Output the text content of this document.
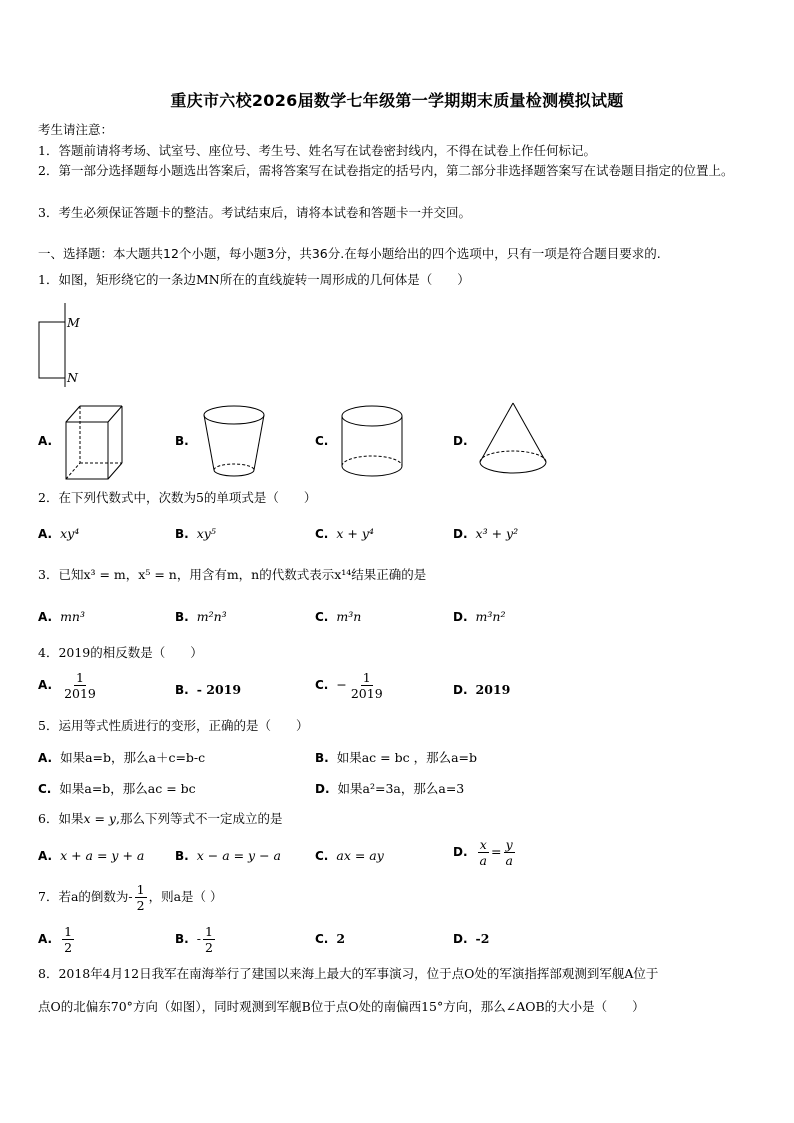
重庆市六校2026届数学七年级第一学期期末质量检测模拟试题
考生请注意：
1．答题前请将考场、试室号、座位号、考生号、姓名写在试卷密封线内，不得在试卷上作任何标记。
2．第一部分选择题每小题选出答案后，需将答案写在试卷指定的括号内，第二部分非选择题答案写在试卷题目指定的位置上。
3．考生必须保证答题卡的整洁。考试结束后，请将本试卷和答题卡一并交回。
一、选择题：本大题共12个小题，每小题3分，共36分.在每小题给出的四个选项中，只有一项是符合题目要求的.
1．如图，矩形绕它的一条边MN所在的直线旋转一周形成的几何体是（　　）
M
N
A.	B.	C.	D.
2．在下列代数式中，次数为5的单项式是（　　）
A. xy⁴	B. xy⁵	C. x + y⁴	D. x³ + y²
3．已知x³ = m，x⁵ = n，用含有m，n的代数式表示x¹⁴结果正确的是
A. mn³	B. m²n³	C. m³n	D. m³n²
4．2019的相反数是（　　）
A. $\frac{1}{2019}$	B. - 2019	C. − $\frac{1}{2019}$	D. 2019
5．运用等式性质进行的变形，正确的是（　　）
A. 如果a=b，那么a＋c=b-c	B. 如果ac = bc ，那么a=b
C. 如果a=b，那么ac = bc	D. 如果a²=3a，那么a=3
6．如果x = y,那么下列等式不一定成立的是
A. x + a = y + a	B. x − a = y − a	C. ax = ay	D. $\frac{x}{a} = \frac{y}{a}$
7．若a的倒数为- $\frac{1}{2}$ ，则a是（ ）
A. $\frac{1}{2}$	B. - $\frac{1}{2}$	C. 2	D. -2
8．2018年4月12日我军在南海举行了建国以来海上最大的军事演习，位于点O处的军演指挥部观测到军舰A位于
点O的北偏东70°方向（如图），同时观测到军舰B位于点O处的南偏西15°方向，那么∠AOB的大小是（　　）
